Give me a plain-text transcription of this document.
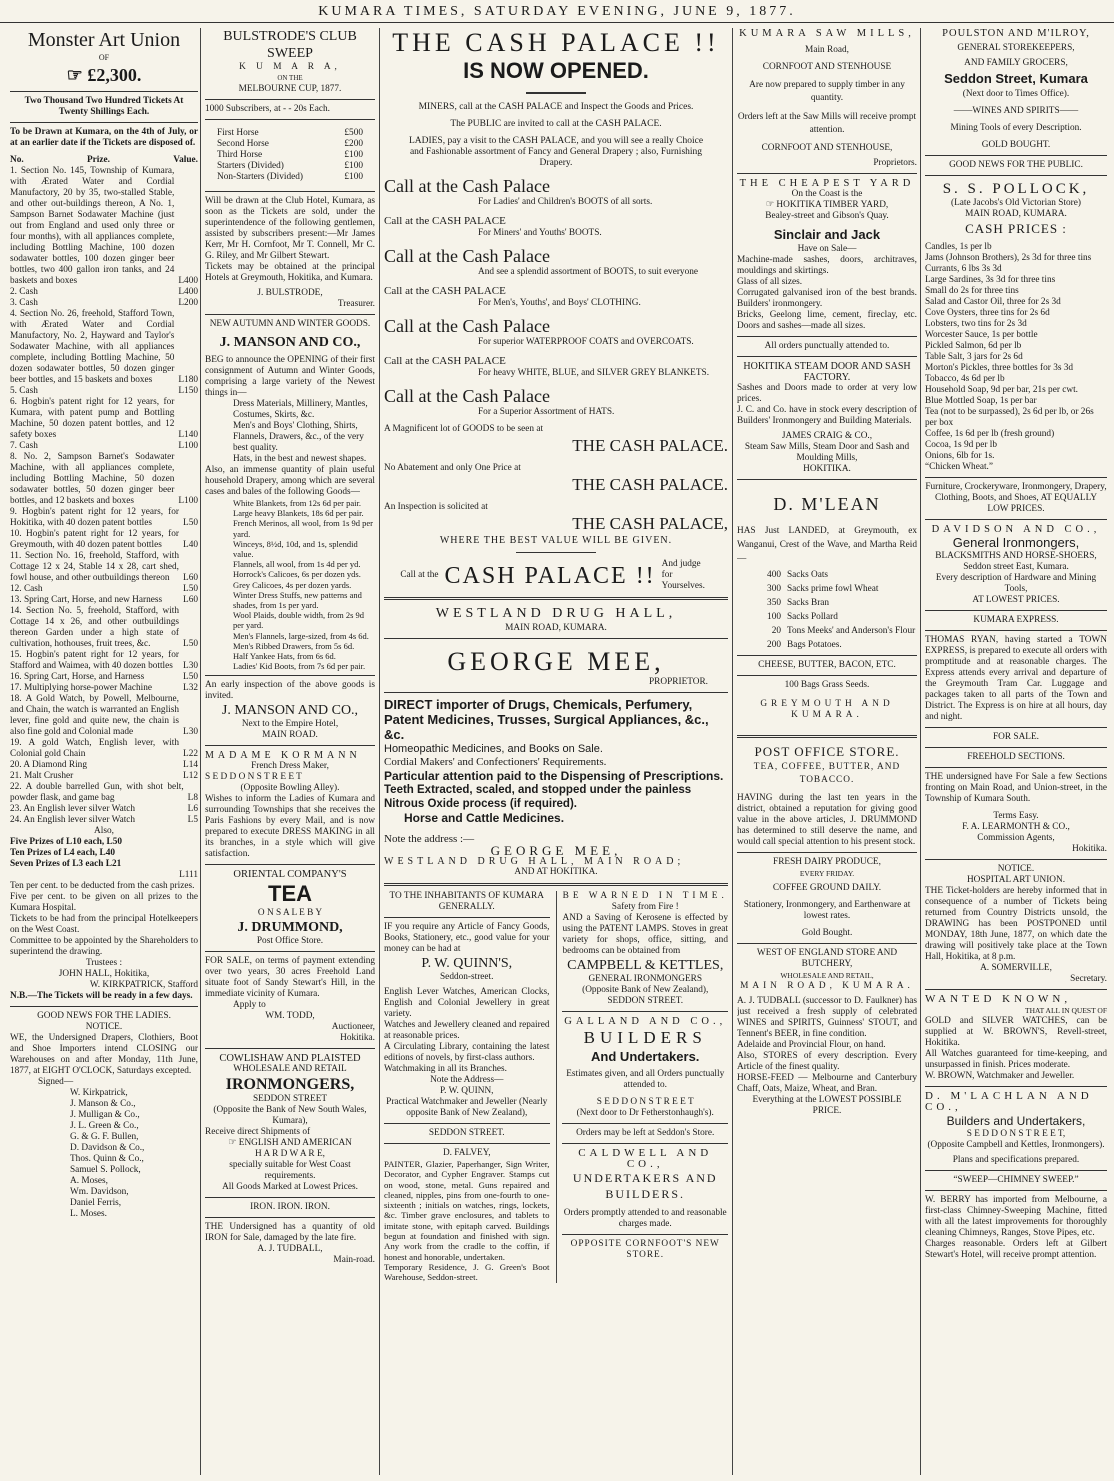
KUMARA TIMES, SATURDAY EVENING, JUNE 9, 1877.
Monster Art Union
OF
☞ £2,300.
Two Thousand Two Hundred Tickets At Twenty Shillings Each.
To be Drawn at Kumara, on the 4th of July, or at an earlier date if the Tickets are disposed of.
No.	Prize.	Value.
1. Section No. 145, Township of Kumara, with Ærated Water and Cordial Manufactory, 20 by 35, two-stalled Stable, and other out-buildings thereon, A No. 1, Sampson Barnet Sodawater Machine (just out from England and used only three or four months), with all appliances complete, including Bottling Machine, 100 dozen sodawater bottles, 100 dozen ginger beer bottles, two 400 gallon iron tanks, and 24 baskets and boxes	L400
2. Cash	L400
3. Cash	L200
4. Section No. 26, freehold, Stafford Town, with Ærated Water and Cordial Manufactory, No. 2, Hayward and Taylor's Sodawater Machine, with all appliances complete, including Bottling Machine, 50 dozen sodawater bottles, 50 dozen ginger beer bottles, and 15 baskets and boxes	L180
5. Cash	L150
6. Hogbin's patent right for 12 years, for Kumara, with patent pump and Bottling Machine, 50 dozen patent bottles, and 12 safety boxes	L140
7. Cash	L100
8. No. 2, Sampson Barnet's Sodawater Machine, with all appliances complete, including Bottling Machine, 50 dozen sodawater bottles, 50 dozen ginger beer bottles, and 12 baskets and boxes	L100
9. Hogbin's patent right for 12 years, for Hokitika, with 40 dozen patent bottles	L50
10. Hogbin's patent right for 12 years, for Greymouth, with 40 dozen patent bottles	L40
11. Section No. 16, freehold, Stafford, with Cottage 12 x 24, Stable 14 x 28, cart shed, fowl house, and other outbuildings thereon	L60
12. Cash	L50
13. Spring Cart, Horse, and new Harness	L60
14. Section No. 5, freehold, Stafford, with Cottage 14 x 26, and other outbuildings thereon Garden under a high state of cultivation, hothouses, fruit trees, &c.	L50
15. Hogbin's patent right for 12 years, for Stafford and Waimea, with 40 dozen bottles	L30
16. Spring Cart, Horse, and Harness	L50
17. Multiplying horse-power Machine	L32
18. A Gold Watch, by Powell, Melbourne, and Chain, the watch is warranted an English lever, fine gold and quite new, the chain is also fine gold and Colonial made	L30
19. A gold Watch, English lever, with Colonial gold Chain	L22
20. A Diamond Ring	L14
21. Malt Crusher	L12
22. A double barrelled Gun, with shot belt, powder flask, and game bag	L8
23. An English lever silver Watch	L6
24. An English lever silver Watch	L5
Also,
Five Prizes of L10 each, L50
Ten Prizes of L4 each, L40
Seven Prizes of L3 each L21
L111
Ten per cent. to be deducted from the cash prizes.
Five per cent. to be given on all prizes to the Kumara Hospital.
Tickets to be had from the principal Hotelkeepers on the West Coast.
Committee to be appointed by the Shareholders to superintend the drawing.
Trustees :
JOHN HALL, Hokitika,
W. KIRKPATRICK, Stafford
N.B.—The Tickets will be ready in a few days.
GOOD NEWS FOR THE LADIES.
NOTICE.
WE, the Undersigned Drapers, Clothiers, Boot and Shoe Importers intend CLOSING our Warehouses on and after Monday, 11th June, 1877, at EIGHT O'CLOCK, Saturdays excepted.
Signed—
W. Kirkpatrick,
J. Manson & Co.,
J. Mulligan & Co.,
J. L. Green & Co.,
G. & G. F. Bullen,
D. Davidson & Co.,
Thos. Quinn & Co.,
Samuel S. Pollock,
A. Moses,
Wm. Davidson,
Daniel Ferris,
L. Moses.
BULSTRODE'S CLUB SWEEP
K U M A R A,
ON THE
MELBOURNE CUP, 1877.
1000 Subscribers, at - - 20s Each.
First Horse	£500
Second Horse	£200
Third Horse	£100
Starters (Divided)	£100
Non-Starters (Divided)	£100
Will be drawn at the Club Hotel, Kumara, as soon as the Tickets are sold, under the superintendence of the following gentlemen, assisted by subscribers present:—Mr James Kerr, Mr H. Cornfoot, Mr T. Connell, Mr C. G. Riley, and Mr Gilbert Stewart.
Tickets may be obtained at the principal Hotels at Greymouth, Hokitika, and Kumara.
J. BULSTRODE,
Treasurer.
NEW AUTUMN AND WINTER GOODS.
J. MANSON AND CO.,
BEG to announce the OPENING of their first consignment of Autumn and Winter Goods, comprising a large variety of the Newest things in—
Dress Materials, Millinery, Mantles, Costumes, Skirts, &c.
Men's and Boys' Clothing, Shirts, Flannels, Drawers, &c., of the very best quality.
Hats, in the best and newest shapes.
Also, an immense quantity of plain useful household Drapery, among which are several cases and bales of the following Goods—
White Blankets, from 12s 6d per pair.
Large heavy Blankets, 18s 6d per pair.
French Merinos, all wool, from 1s 9d per yard.
Winceys, 8½d, 10d, and 1s, splendid value.
Flannels, all wool, from 1s 4d per yd.
Horrock's Calicoes, 6s per dozen yds.
Grey Calicoes, 4s per dozen yards.
Winter Dress Stuffs, new patterns and shades, from 1s per yard.
Wool Plaids, double width, from 2s 9d per yard.
Men's Flannels, large-sized, from 4s 6d.
Men's Ribbed Drawers, from 5s 6d.
Half Yankee Hats, from 6s 6d.
Ladies' Kid Boots, from 7s 6d per pair.
An early inspection of the above goods is invited.
J. MANSON AND CO.,
Next to the Empire Hotel,
MAIN ROAD.
MADAME KORMANN
French Dress Maker,
S E D D O N S T R E E T
(Opposite Bowling Alley).
Wishes to inform the Ladies of Kumara and surrounding Townships that she receives the Paris Fashions by every Mail, and is now prepared to execute DRESS MAKING in all its branches, in a style which will give satisfaction.
ORIENTAL COMPANY'S
TEA
O N S A L E B Y
J. DRUMMOND,
Post Office Store.
FOR SALE, on terms of payment extending over two years, 30 acres Freehold Land situate foot of Sandy Stewart's Hill, in the immediate vicinity of Kumara.
Apply to
WM. TODD,
Auctioneer,
Hokitika.
COWLISHAW AND PLAISTED
WHOLESALE AND RETAIL
IRONMONGERS,
SEDDON STREET
(Opposite the Bank of New South Wales, Kumara),
Receive direct Shipments of
☞ ENGLISH AND AMERICAN
H A R D W A R E,
specially suitable for West Coast requirements.
All Goods Marked at Lowest Prices.
IRON. IRON. IRON.
THE Undersigned has a quantity of old IRON for Sale, damaged by the late fire.
A. J. TUDBALL,
Main-road.
THE CASH PALACE !!
IS NOW OPENED.
MINERS, call at the CASH PALACE and Inspect the Goods and Prices.
The PUBLIC are invited to call at the CASH PALACE.
LADIES, pay a visit to the CASH PALACE, and you will see a really Choice and Fashionable assortment of Fancy and General Drapery ; also, Furnishing Drapery.
Call at the Cash Palace
For Ladies' and Children's BOOTS of all sorts.
Call at the CASH PALACE
For Miners' and Youths' BOOTS.
Call at the Cash Palace
And see a splendid assortment of BOOTS, to suit everyone
Call at the CASH PALACE
For Men's, Youths', and Boys' CLOTHING.
Call at the Cash Palace
For superior WATERPROOF COATS and OVERCOATS.
Call at the CASH PALACE
For heavy WHITE, BLUE, and SILVER GREY BLANKETS.
Call at the Cash Palace
For a Superior Assortment of HATS.
A Magnificent lot of GOODS to be seen at
THE CASH PALACE.
No Abatement and only One Price at
THE CASH PALACE.
An Inspection is solicited at
THE CASH PALACE,
WHERE THE BEST VALUE WILL BE GIVEN.
Call at the CASH PALACE !! And judge for Yourselves.
WESTLAND DRUG HALL,
MAIN ROAD, KUMARA.
GEORGE MEE,
PROPRIETOR.
DIRECT importer of Drugs, Chemicals, Perfumery, Patent Medicines, Trusses, Surgical Appliances, &c., &c.
Homeopathic Medicines, and Books on Sale.
Cordial Makers' and Confectioners' Requirements.
Particular attention paid to the Dispensing of Prescriptions.
Teeth Extracted, scaled, and stopped under the painless Nitrous Oxide process (if required).
Horse and Cattle Medicines.
Note the address :—
GEORGE MEE,
WESTLAND DRUG HALL, MAIN ROAD;
AND AT HOKITIKA.
TO THE INHABITANTS OF KUMARA GENERALLY.
IF you require any Article of Fancy Goods, Books, Stationery, etc., good value for your money can be had at
P. W. QUINN'S,
Seddon-street.
English Lever Watches, American Clocks, English and Colonial Jewellery in great variety.
Watches and Jewellery cleaned and repaired at reasonable prices.
A Circulating Library, containing the latest editions of novels, by first-class authors.
Watchmaking in all its Branches.
Note the Address—
P. W. QUINN,
Practical Watchmaker and Jeweller (Nearly opposite Bank of New Zealand),
SEDDON STREET.
D. FALVEY,
PAINTER, Glazier, Paperhanger, Sign Writer, Decorator, and Cypher Engraver. Stamps cut on wood, stone, metal. Guns repaired and cleaned, nipples, pins from one-fourth to one-sixteenth ; initials on watches, rings, lockets, &c. Timber grave enclosures, and tablets to imitate stone, with epitaph carved. Buildings begun at foundation and finished with sign. Any work from the cradle to the coffin, if honest and honorable, undertaken.
Temporary Residence, J. G. Green's Boot Warehouse, Seddon-street.
BE WARNED IN TIME.
Safety from Fire !
AND a Saving of Kerosene is effected by using the PATENT LAMPS. Stoves in great variety for shops, office, sitting, and bedrooms can be obtained from
CAMPBELL & KETTLES,
GENERAL IRONMONGERS
(Opposite Bank of New Zealand),
SEDDON STREET.
GALLAND AND CO.,
BUILDERS
And Undertakers.
Estimates given, and all Orders punctually attended to.
S E D D O N S T R E E T
(Next door to Dr Fetherstonhaugh's).
Orders may be left at Seddon's Store.
CALDWELL AND CO.,
UNDERTAKERS AND BUILDERS.
Orders promptly attended to and reasonable charges made.
OPPOSITE CORNFOOT'S NEW STORE.
KUMARA SAW MILLS,
Main Road,
CORNFOOT AND STENHOUSE
Are now prepared to supply timber in any quantity.
Orders left at the Saw Mills will receive prompt attention.
CORNFOOT AND STENHOUSE,
Proprietors.
THE CHEAPEST YARD
On the Coast is the
☞ HOKITIKA TIMBER YARD,
Bealey-street and Gibson's Quay.
Sinclair and Jack
Have on Sale—
Machine-made sashes, doors, architraves, mouldings and skirtings.
Glass of all sizes.
Corrugated galvanised iron of the best brands. Builders' ironmongery.
Bricks, Geelong lime, cement, fireclay, etc. Doors and sashes—made all sizes.
All orders punctually attended to.
HOKITIKA STEAM DOOR AND SASH FACTORY.
Sashes and Doors made to order at very low prices.
J. C. and Co. have in stock every description of Builders' Ironmongery and Building Materials.
JAMES CRAIG & CO.,
Steam Saw Mills, Steam Door and Sash and Moulding Mills,
HOKITIKA.
D. M'LEAN
HAS Just LANDED, at Greymouth, ex Wanganui, Crest of the Wave, and Martha Reid—
400 Sacks Oats
300 Sacks prime fowl Wheat
350 Sacks Bran
100 Sacks Pollard
20 Tons Meeks' and Anderson's Flour
200 Bags Potatoes.
CHEESE, BUTTER, BACON, ETC.
100 Bags Grass Seeds.
GREYMOUTH AND KUMARA.
POST OFFICE STORE.
TEA, COFFEE, BUTTER, AND TOBACCO.
HAVING during the last ten years in the district, obtained a reputation for giving good value in the above articles, J. DRUMMOND has determined to still deserve the name, and would call special attention to his present stock.
FRESH DAIRY PRODUCE,
EVERY FRIDAY.
COFFEE GROUND DAILY.
Stationery, Ironmongery, and Earthenware at lowest rates.
Gold Bought.
WEST OF ENGLAND STORE AND BUTCHERY,
WHOLESALE AND RETAIL,
MAIN ROAD, KUMARA.
A. J. TUDBALL (successor to D. Faulkner) has just received a fresh supply of celebrated WINES and SPIRITS, Guinness' STOUT, and Tennent's BEER, in fine condition.
Adelaide and Provincial Flour, on hand.
Also, STORES of every description. Every Article of the finest quality.
HORSE-FEED — Melbourne and Canterbury Chaff, Oats, Maize, Wheat, and Bran.
Everything at the LOWEST POSSIBLE PRICE.
POULSTON AND M'ILROY,
GENERAL STOREKEEPERS,
AND FAMILY GROCERS,
Seddon Street, Kumara
(Next door to Times Office).
——WINES AND SPIRITS——
Mining Tools of every Description.
GOLD BOUGHT.
GOOD NEWS FOR THE PUBLIC.
S. S. POLLOCK,
(Late Jacobs's Old Victorian Store)
MAIN ROAD, KUMARA.
CASH PRICES :
Candles, 1s per lb
Jams (Johnson Brothers), 2s 3d for three tins
Currants, 6 lbs 3s 3d
Large Sardines, 3s 3d for three tins
Small do 2s for three tins
Salad and Castor Oil, three for 2s 3d
Cove Oysters, three tins for 2s 6d
Lobsters, two tins for 2s 3d
Worcester Sauce, 1s per bottle
Pickled Salmon, 6d per lb
Table Salt, 3 jars for 2s 6d
Morton's Pickles, three bottles for 3s 3d
Tobacco, 4s 6d per lb
Household Soap, 9d per bar, 21s per cwt.
Blue Mottled Soap, 1s per bar
Tea (not to be surpassed), 2s 6d per lb, or 26s per box
Coffee, 1s 6d per lb (fresh ground)
Cocoa, 1s 9d per lb
Onions, 6lb for 1s.
“Chicken Wheat.”
Furniture, Crockeryware, Ironmongery, Drapery, Clothing, Boots, and Shoes, AT EQUALLY LOW PRICES.
DAVIDSON AND CO.,
General Ironmongers,
BLACKSMITHS AND HORSE-SHOERS,
Seddon street East, Kumara.
Every description of Hardware and Mining Tools,
AT LOWEST PRICES.
KUMARA EXPRESS.
THOMAS RYAN, having started a TOWN EXPRESS, is prepared to execute all orders with promptitude and at reasonable charges. The Express attends every arrival and departure of the Greymouth Tram Car. Luggage and packages taken to all parts of the Town and District. The Express is on hire at all hours, day and night.
FOR SALE.
FREEHOLD SECTIONS.
THE undersigned have For Sale a few Sections fronting on Main Road, and Union-street, in the Township of Kumara South.
Terms Easy.
F. A. LEARMONTH & CO.,
Commission Agents,
Hokitika.
NOTICE.
HOSPITAL ART UNION.
THE Ticket-holders are hereby informed that in consequence of a number of Tickets being returned from Country Districts unsold, the DRAWING has been POSTPONED until MONDAY, 18th June, 1877, on which date the drawing will positively take place at the Town Hall, Hokitika, at 8 p.m.
A. SOMERVILLE,
Secretary.
WANTED KNOWN,
THAT ALL IN QUEST OF
GOLD and SILVER WATCHES, can be supplied at W. BROWN'S, Revell-street, Hokitika.
All Watches guaranteed for time-keeping, and unsurpassed in finish. Prices moderate.
W. BROWN, Watchmaker and Jeweller.
D. M'LACHLAN AND CO.,
Builders and Undertakers,
S E D D O N S T R E E T,
(Opposite Campbell and Kettles, Ironmongers).
Plans and specifications prepared.
“SWEEP—CHIMNEY SWEEP.”
W. BERRY has imported from Melbourne, a first-class Chimney-Sweeping Machine, fitted with all the latest improvements for thoroughly cleaning Chimneys, Ranges, Stove Pipes, etc.
Charges reasonable. Orders left at Gilbert Stewart's Hotel, will receive prompt attention.
